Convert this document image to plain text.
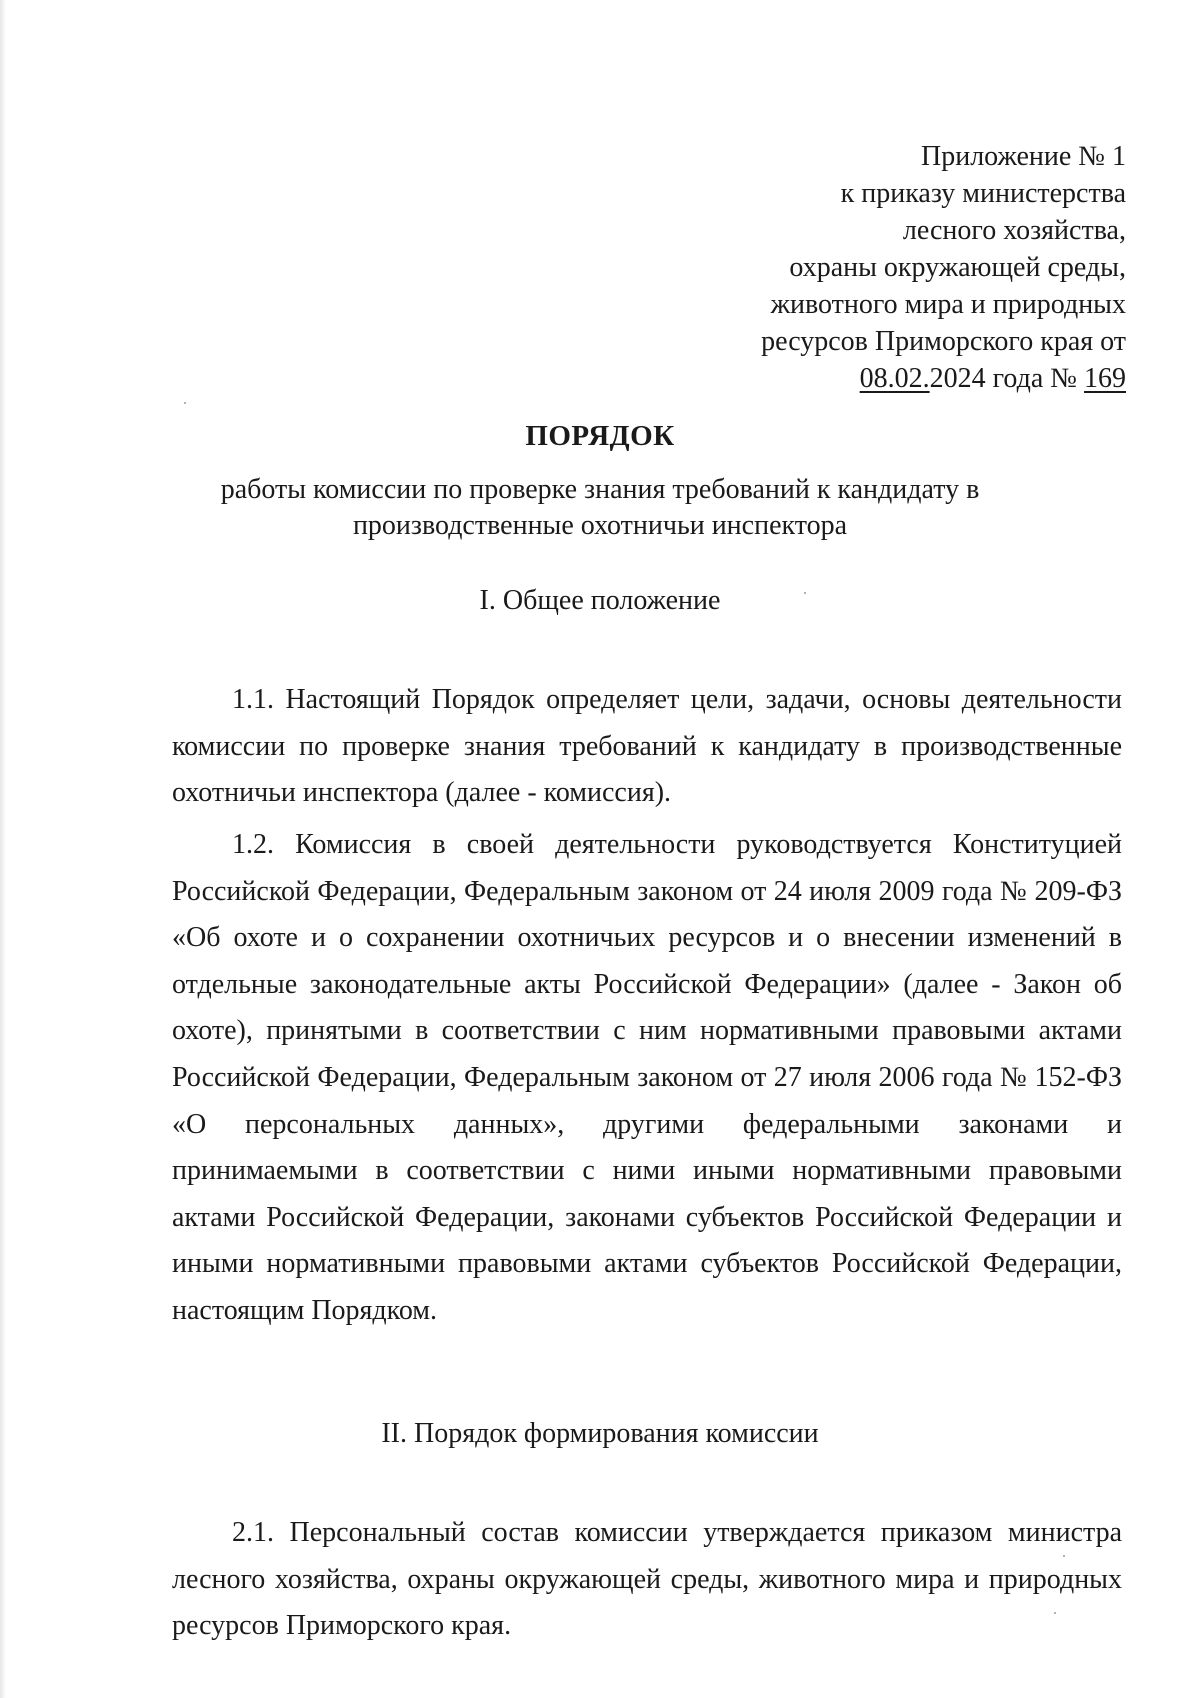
Приложение № 1
к приказу министерства
лесного хозяйства,
охраны окружающей среды,
животного мира и природных
ресурсов Приморского края от
08.02.2024 года № 169
ПОРЯДОК
работы комиссии по проверке знания требований к кандидату в производственные охотничьи инспектора
I. Общее положение
1.1. Настоящий Порядок определяет цели, задачи, основы деятельности комиссии по проверке знания требований к кандидату в производственные охотничьи инспектора (далее - комиссия).
1.2. Комиссия в своей деятельности руководствуется Конституцией Российской Федерации, Федеральным законом от 24 июля 2009 года № 209-ФЗ «Об охоте и о сохранении охотничьих ресурсов и о внесении изменений в отдельные законодательные акты Российской Федерации» (далее - Закон об охоте), принятыми в соответствии с ним нормативными правовыми актами Российской Федерации, Федеральным законом от 27 июля 2006 года № 152-ФЗ «О персональных данных», другими федеральными законами и принимаемыми в соответствии с ними иными нормативными правовыми актами Российской Федерации, законами субъектов Российской Федерации и иными нормативными правовыми актами субъектов Российской Федерации, настоящим Порядком.
II. Порядок формирования комиссии
2.1. Персональный состав комиссии утверждается приказом министра лесного хозяйства, охраны окружающей среды, животного мира и природных ресурсов Приморского края.
